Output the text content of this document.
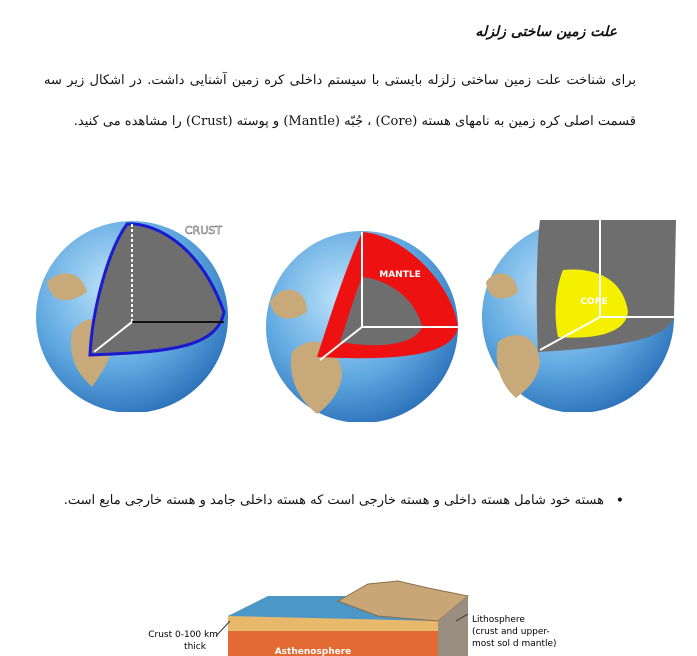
علت زمین ساختی زلزله

برای شناخت علت زمین ساختی زلزله بایستی با سیستم داخلی کره زمین آشنایی داشت. در اشکال زیر سه قسمت اصلی کره زمین به نامهای هسته (Core) ، جُبّه (Mantle) و پوسته (Crust) را مشاهده می کنید.

CRUST
MANTLE
CORE
•
هسته خود شامل هسته داخلی و هسته خارجی است که هسته داخلی جامد و هسته خارجی مایع است.
Crust 0-100 km
thick
Lithosphere
(crust and upper-
most sol d mantle)
Asthenosphere
